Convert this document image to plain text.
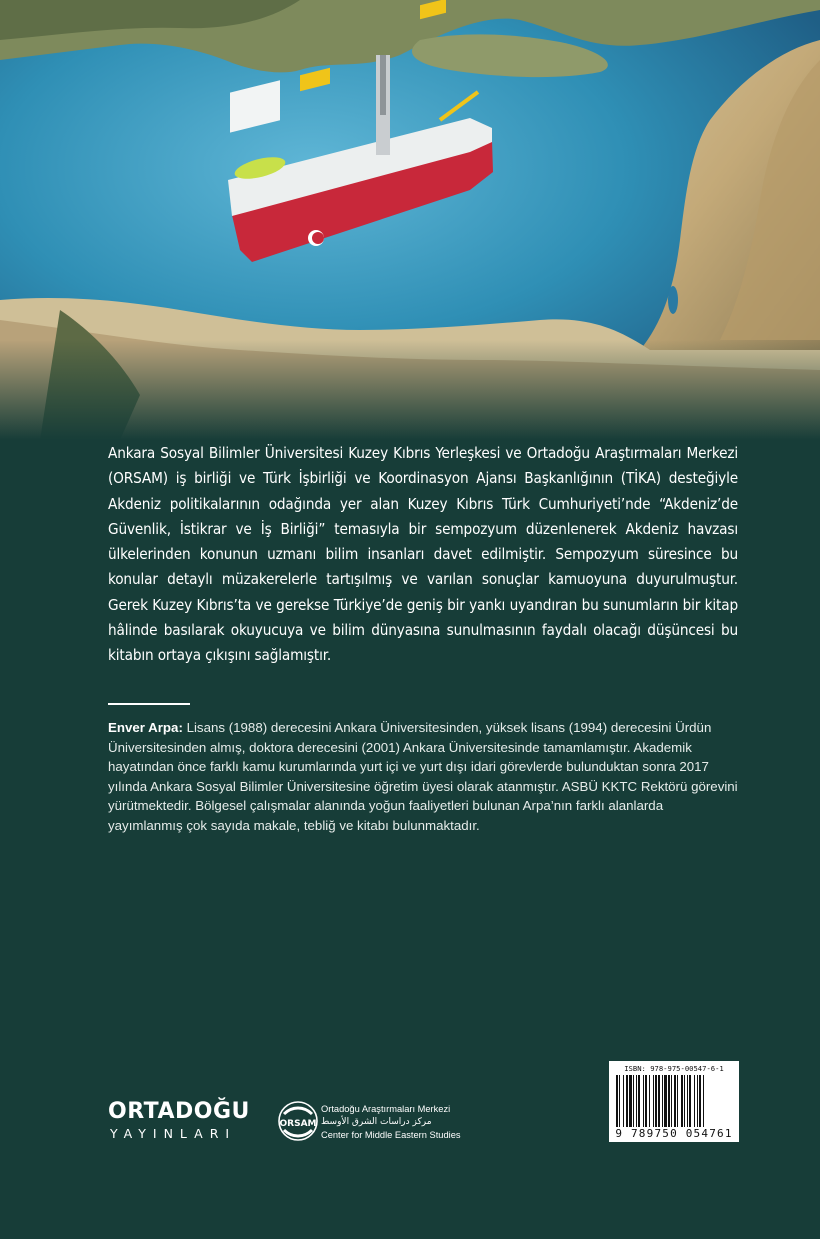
Ankara Sosyal Bilimler Üniversitesi Kuzey Kıbrıs Yerleşkesi ve Ortadoğu Araştırmaları Merkezi (ORSAM) iş birliği ve Türk İşbirliği ve Koordinasyon Ajansı Başkanlığının (TİKA) desteğiyle Akdeniz politikalarının odağında yer alan Kuzey Kıbrıs Türk Cumhuriyeti’nde “Akdeniz’de Güvenlik, İstikrar ve İş Birliği” temasıyla bir sempozyum düzenlenerek Akdeniz havzası ülkelerinden konunun uzmanı bilim insanları davet edilmiştir. Sempozyum süresince bu konular detaylı müzakerelerle tartışılmış ve varılan sonuçlar kamuoyuna duyurulmuştur. Gerek Kuzey Kıbrıs’ta ve gerekse Türkiye’de geniş bir yankı uyandıran bu sunumların bir kitap hâlinde basılarak okuyucuya ve bilim dünyasına sunulmasının faydalı olacağı düşüncesi bu kitabın ortaya çıkışını sağlamıştır.

Enver Arpa: Lisans (1988) derecesini Ankara Üniversitesinden, yüksek lisans (1994) derecesini Ürdün Üniversitesinden almış, doktora derecesini (2001) Ankara Üniversitesinde tamamlamıştır. Akademik hayatından önce farklı kamu kurumlarında yurt içi ve yurt dışı idari görevlerde bulunduktan sonra 2017 yılında Ankara Sosyal Bilimler Üniversitesine öğretim üyesi olarak atanmıştır. ASBÜ KKTC Rektörü görevini yürütmektedir. Bölgesel çalışmalar alanında yoğun faaliyetleri bulunan Arpa’nın farklı alanlarda yayımlanmış çok sayıda makale, tebliğ ve kitabı bulunmaktadır.

ORTADOĞU
YAYINLARI
ORSAM
Ortadoğu Araştırmaları Merkezi
مركز دراسات الشرق الأوسط
Center for Middle Eastern Studies
ISBN: 978-975-00547-6-1
9 789750 054761
